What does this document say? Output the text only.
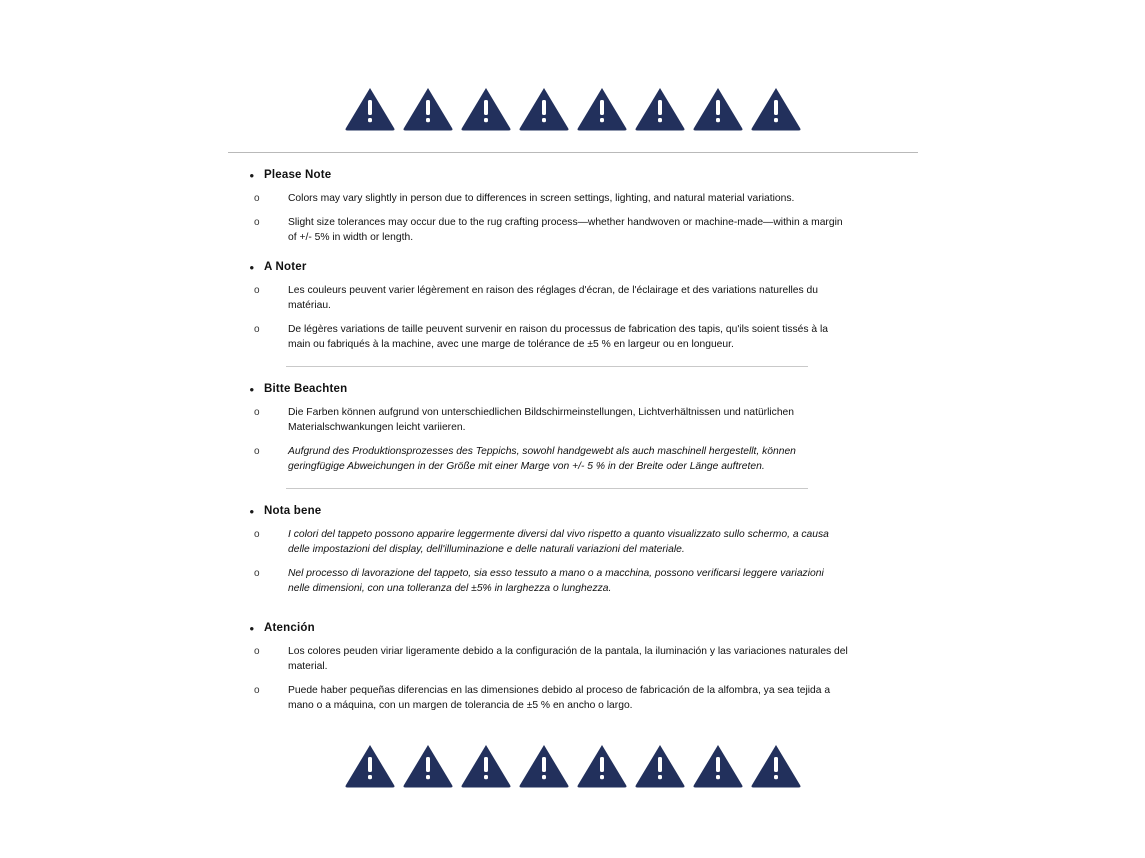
• Please Note
o	Colors may vary slightly in person due to differences in screen settings, lighting, and natural material variations.
o	Slight size tolerances may occur due to the rug crafting process—whether handwoven or machine-made—within a margin of +/- 5% in width or length.
• A Noter
o	Les couleurs peuvent varier légèrement en raison des réglages d'écran, de l'éclairage et des variations naturelles du matériau.
o	De légères variations de taille peuvent survenir en raison du processus de fabrication des tapis, qu'ils soient tissés à la main ou fabriqués à la machine, avec une marge de tolérance de ±5 % en largeur ou en longueur.
• Bitte Beachten
o	Die Farben können aufgrund von unterschiedlichen Bildschirmeinstellungen, Lichtverhältnissen und natürlichen Materialschwankungen leicht variieren.
o	Aufgrund des Produktionsprozesses des Teppichs, sowohl handgewebt als auch maschinell hergestellt, können geringfügige Abweichungen in der Größe mit einer Marge von +/- 5 % in der Breite oder Länge auftreten.
• Nota bene
o	I colori del tappeto possono apparire leggermente diversi dal vivo rispetto a quanto visualizzato sullo schermo, a causa delle impostazioni del display, dell'illuminazione e delle naturali variazioni del materiale.
o	Nel processo di lavorazione del tappeto, sia esso tessuto a mano o a macchina, possono verificarsi leggere variazioni nelle dimensioni, con una tolleranza del ±5% in larghezza o lunghezza.
• Atención
o	Los colores peuden viriar ligeramente debido a la configuración de la pantala, la iluminación y las variaciones naturales del material.
o	Puede haber pequeñas diferencias en las dimensiones debido al proceso de fabricación de la alfombra, ya sea tejida a mano o a máquina, con un margen de tolerancia de ±5 % en ancho o largo.
